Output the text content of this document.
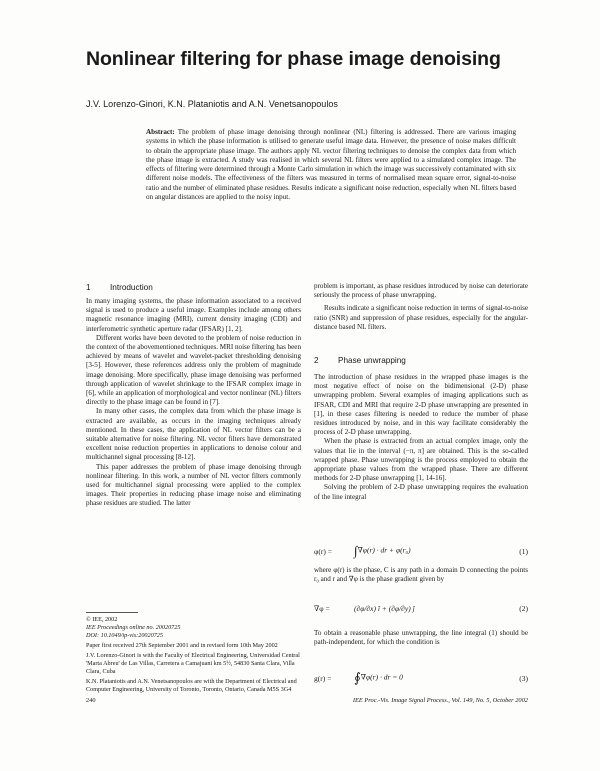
Nonlinear filtering for phase image denoising
J.V. Lorenzo-Ginori, K.N. Plataniotis and A.N. Venetsanopoulos
Abstract: The problem of phase image denoising through nonlinear (NL) filtering is addressed. There are various imaging systems in which the phase information is utilised to generate useful image data. However, the presence of noise makes difficult to obtain the appropriate phase image. The authors apply NL vector filtering techniques to denoise the complex data from which the phase image is extracted. A study was realised in which several NL filters were applied to a simulated complex image. The effects of filtering were determined through a Monte Carlo simulation in which the image was successively contaminated with six different noise models. The effectiveness of the filters was measured in terms of normalised mean square error, signal-to-noise ratio and the number of eliminated phase residues. Results indicate a significant noise reduction, especially when NL filters based on angular distances are applied to the noisy input.
1 Introduction

In many imaging systems, the phase information associated to a received signal is used to produce a useful image. Examples include among others magnetic resonance imaging (MRI), current density imaging (CDI) and interferometric synthetic aperture radar (IFSAR) [1, 2].

Different works have been devoted to the problem of noise reduction in the context of the abovementioned techniques. MRI noise filtering has been achieved by means of wavelet and wavelet-packet thresholding denoising [3-5]. However, these references address only the problem of magnitude image denoising. More specifically, phase image denoising was performed through application of wavelet shrinkage to the IFSAR complex image in [6], while an application of morphological and vector nonlinear (NL) filters directly to the phase image can be found in [7].

In many other cases, the complex data from which the phase image is extracted are available, as occurs in the imaging techniques already mentioned. In these cases, the application of NL vector filters can be a suitable alternative for noise filtering. NL vector filters have demonstrated excellent noise reduction properties in applications to denoise colour and multichannel signal processing [8-12].

This paper addresses the problem of phase image denoising through nonlinear filtering. In this work, a number of NL vector filters commonly used for multichannel signal processing were applied to the complex images. Their properties in reducing phase image noise and eliminating phase residues are studied. The latter

© IEE, 2002
IEE Proceedings online no. 20020725
DOI: 10.1049/ip-vis:20020725
Paper first received 27th September 2001 and in revised form 10th May 2002
J.V. Lorenzo-Ginori is with the Faculty of Electrical Engineering, Universidad Central 'Marta Abreu' de Las Villas, Carretera a Camajuani km 5½, 54830 Santa Clara, Villa Clara, Cuba
K.N. Plataniotis and A.N. Venetsanopoulos are with the Department of Electrical and Computer Engineering, University of Toronto, Toronto, Ontario, Canada M5S 3G4

problem is important, as phase residues introduced by noise can deteriorate seriously the process of phase unwrapping.

Results indicate a significant noise reduction in terms of signal-to-noise ratio (SNR) and suppression of phase residues, especially for the angular-distance based NL filters.

2 Phase unwrapping

The introduction of phase residues in the wrapped phase images is the most negative effect of noise on the bidimensional (2-D) phase unwrapping problem. Several examples of imaging applications such as IFSAR, CDI and MRI that require 2-D phase unwrapping are presented in [1], in these cases filtering is needed to reduce the number of phase residues introduced by noise, and in this way facilitate considerably the process of 2-D phase unwrapping.

When the phase is extracted from an actual complex image, only the values that lie in the interval (−π, π] are obtained. This is the so-called wrapped phase. Phase unwrapping is the process employed to obtain the appropriate phase values from the wrapped phase. There are different methods for 2-D phase unwrapping [1, 14-16].

Solving the problem of 2-D phase unwrapping requires the evaluation of the line integral

φ(r) =	∫∇φ(r) · dr + φ(r₀)	(1)

where φ(r) is the phase, C is any path in a domain D connecting the points r₀ and r and ∇φ is the phase gradient given by

∇φ =	(∂φ/∂x) î + (∂φ/∂y) ĵ	(2)

To obtain a reasonable phase unwrapping, the line integral (1) should be path-independent, for which the condition is

g(r) =	∮∇φ(r) · dr = 0	(3)
240	IEE Proc.-Vis. Image Signal Process., Vol. 149, No. 5, October 2002
